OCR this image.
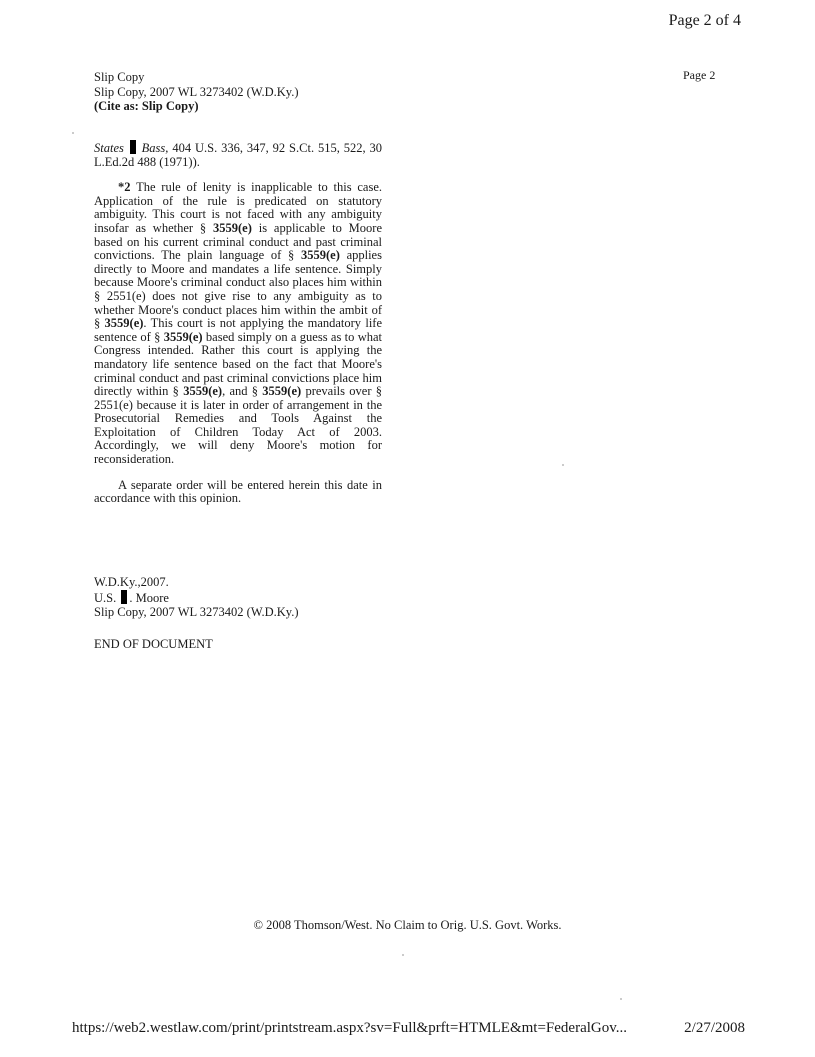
Page 2 of 4
Page 2
Slip Copy
Slip Copy, 2007 WL 3273402 (W.D.Ky.)
(Cite as: Slip Copy)

States Bass, 404 U.S. 336, 347, 92 S.Ct. 515, 522, 30 L.Ed.2d 488 (1971)).

*2 The rule of lenity is inapplicable to this case. Application of the rule is predicated on statutory ambiguity. This court is not faced with any ambiguity insofar as whether § 3559(e) is applicable to Moore based on his current criminal conduct and past criminal convictions. The plain language of § 3559(e) applies directly to Moore and mandates a life sentence. Simply because Moore's criminal conduct also places him within § 2551(e) does not give rise to any ambiguity as to whether Moore's conduct places him within the ambit of § 3559(e). This court is not applying the mandatory life sentence of § 3559(e) based simply on a guess as to what Congress intended. Rather this court is applying the mandatory life sentence based on the fact that Moore's criminal conduct and past criminal convictions place him directly within § 3559(e), and § 3559(e) prevails over § 2551(e) because it is later in order of arrangement in the Prosecutorial Remedies and Tools Against the Exploitation of Children Today Act of 2003. Accordingly, we will deny Moore's motion for reconsideration.

A separate order will be entered herein this date in accordance with this opinion.

W.D.Ky.,2007.
U.S. . Moore
Slip Copy, 2007 WL 3273402 (W.D.Ky.)
END OF DOCUMENT
© 2008 Thomson/West. No Claim to Orig. U.S. Govt. Works.
https://web2.westlaw.com/print/printstream.aspx?sv=Full&prft=HTMLE&mt=FederalGov...	2/27/2008
